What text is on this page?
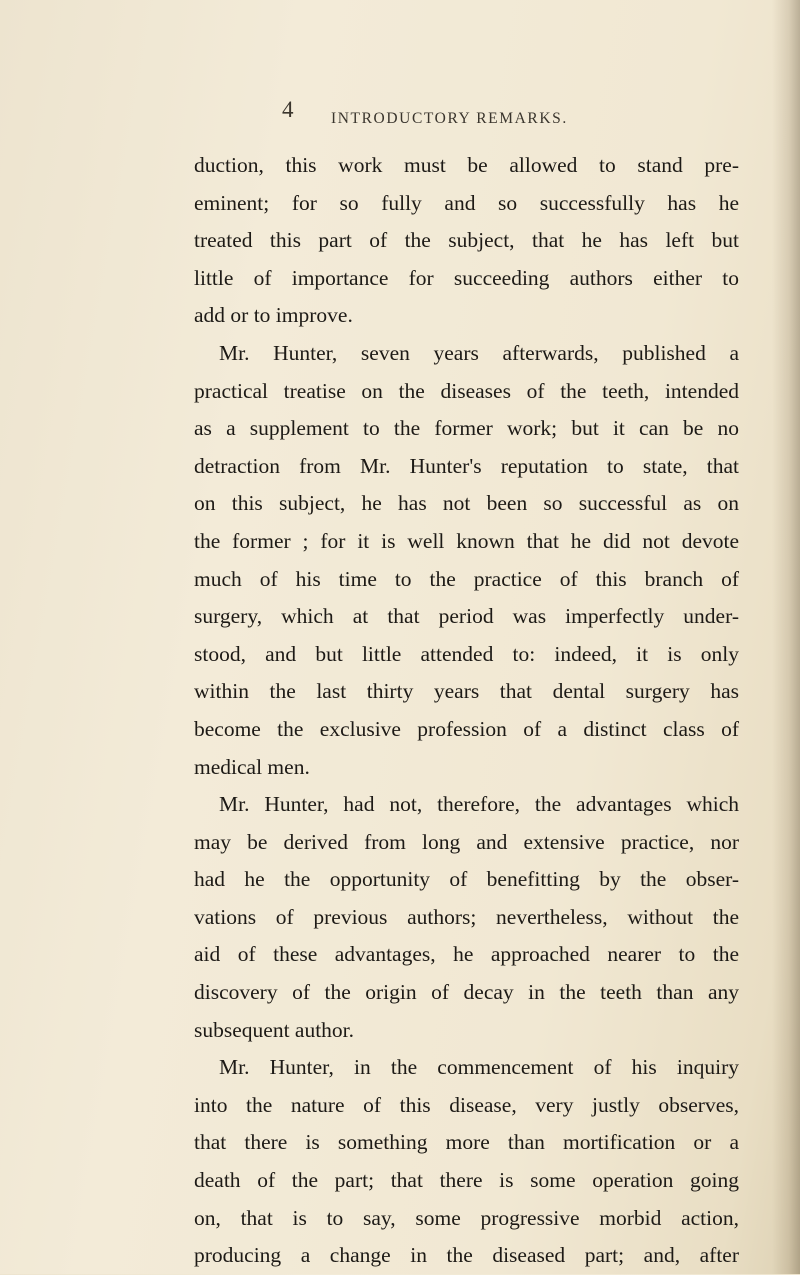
4 INTRODUCTORY REMARKS.

duction, this work must be allowed to stand pre-

eminent; for so fully and so successfully has he

treated this part of the subject, that he has left but

little of importance for succeeding authors either to

add or to improve.

Mr. Hunter, seven years afterwards, published a

practical treatise on the diseases of the teeth, intended

as a supplement to the former work; but it can be no

detraction from Mr. Hunter's reputation to state, that

on this subject, he has not been so successful as on

the former ; for it is well known that he did not devote

much of his time to the practice of this branch of

surgery, which at that period was imperfectly under-

stood, and but little attended to: indeed, it is only

within the last thirty years that dental surgery has

become the exclusive profession of a distinct class of

medical men.

Mr. Hunter, had not, therefore, the advantages which

may be derived from long and extensive practice, nor

had he the opportunity of benefitting by the obser-

vations of previous authors; nevertheless, without the

aid of these advantages, he approached nearer to the

discovery of the origin of decay in the teeth than any

subsequent author.

Mr. Hunter, in the commencement of his inquiry

into the nature of this disease, very justly observes,

that there is something more than mortification or a

death of the part; that there is some operation going

on, that is to say, some progressive morbid action,

producing a change in the diseased part; and, after
